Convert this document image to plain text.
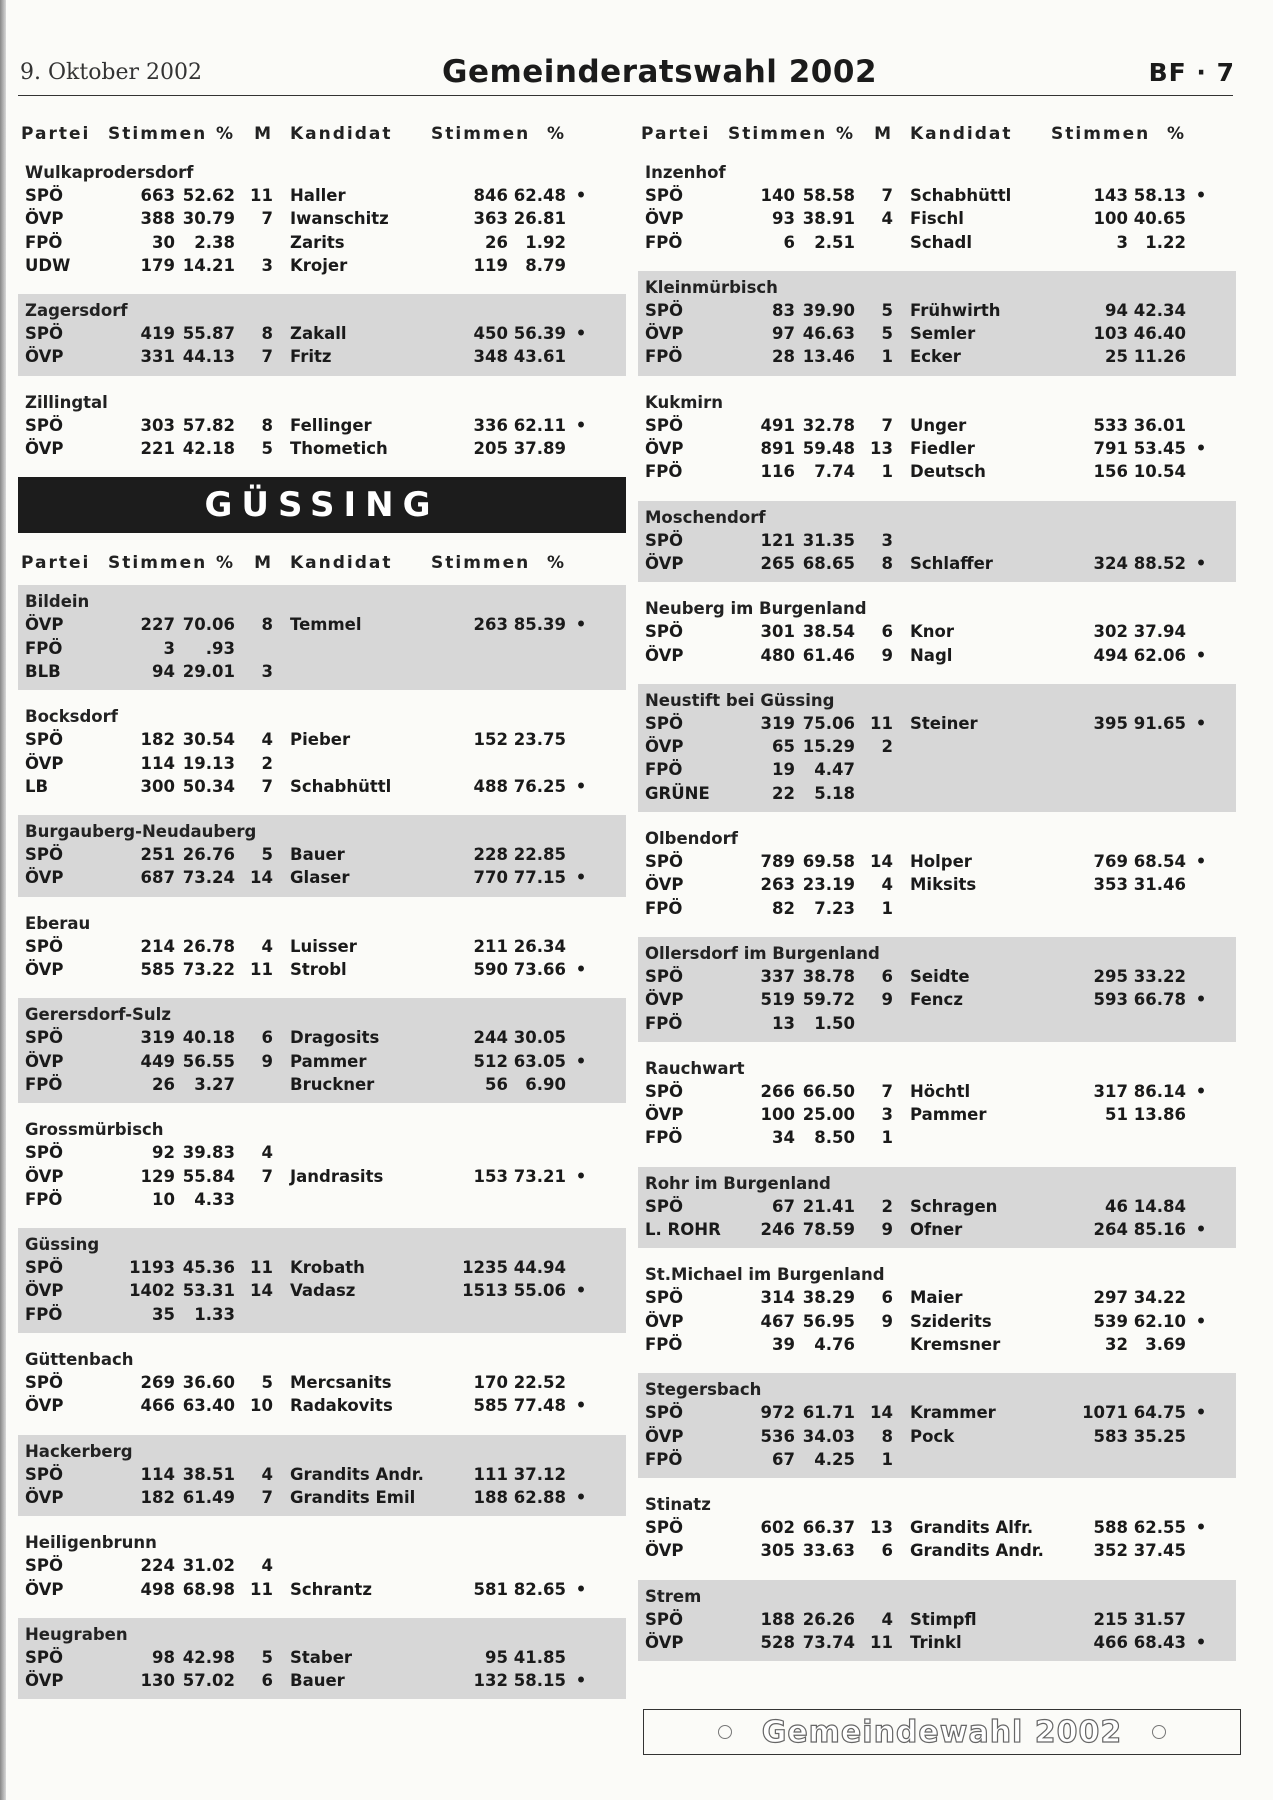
9. Oktober 2002	Gemeinderatswahl 2002	BF · 7
Partei	Stimmen %	M	Kandidat	Stimmen %
Wulkaprodersdorf
SPÖ	663 52.62 11	Haller	846 62.48 •
ÖVP	388 30.79	7	Iwanschitz	363 26.81
FPÖ	30	2.38	Zarits	26	1.92
UDW	179 14.21	3	Krojer	119	8.79
Zagersdorf
SPÖ	419 55.87	8	Zakall	450 56.39 •
ÖVP	331 44.13	7	Fritz	348 43.61
Zillingtal
SPÖ	303 57.82	8	Fellinger	336 62.11 •
ÖVP	221 42.18	5	Thometich	205 37.89
GÜSSING
Partei	Stimmen %	M	Kandidat	Stimmen %
Bildein
ÖVP	227 70.06	8	Temmel	263 85.39 •
FPÖ	3	.93
BLB	94 29.01	3
Bocksdorf
SPÖ	182 30.54	4	Pieber	152 23.75
ÖVP	114 19.13	2
LB	300 50.34	7	Schabhüttl	488 76.25 •
Burgauberg-Neudauberg
SPÖ	251 26.76	5	Bauer	228 22.85
ÖVP	687 73.24 14	Glaser	770 77.15 •
Eberau
SPÖ	214 26.78	4	Luisser	211 26.34
ÖVP	585 73.22 11	Strobl	590 73.66 •
Gerersdorf-Sulz
SPÖ	319 40.18	6	Dragosits	244 30.05
ÖVP	449 56.55	9	Pammer	512 63.05 •
FPÖ	26	3.27	Bruckner	56	6.90
Grossmürbisch
SPÖ	92 39.83	4
ÖVP	129 55.84	7	Jandrasits	153 73.21 •
FPÖ	10	4.33
Güssing
SPÖ	1193 45.36 11	Krobath	1235 44.94
ÖVP	1402 53.31 14	Vadasz	1513 55.06 •
FPÖ	35	1.33
Güttenbach
SPÖ	269 36.60	5	Mercsanits	170 22.52
ÖVP	466 63.40 10	Radakovits	585 77.48 •
Hackerberg
SPÖ	114 38.51	4	Grandits Andr.	111 37.12
ÖVP	182 61.49	7	Grandits Emil	188 62.88 •
Heiligenbrunn
SPÖ	224 31.02	4
ÖVP	498 68.98 11	Schrantz	581 82.65 •
Heugraben
SPÖ	98 42.98	5	Staber	95 41.85
ÖVP	130 57.02	6	Bauer	132 58.15 •
Partei	Stimmen %	M	Kandidat	Stimmen %
Inzenhof
SPÖ	140 58.58	7	Schabhüttl	143 58.13 •
ÖVP	93 38.91	4	Fischl	100 40.65
FPÖ	6	2.51	Schadl	3	1.22
Kleinmürbisch
SPÖ	83 39.90	5	Frühwirth	94 42.34
ÖVP	97 46.63	5	Semler	103 46.40
FPÖ	28 13.46	1	Ecker	25 11.26
Kukmirn
SPÖ	491 32.78	7	Unger	533 36.01
ÖVP	891 59.48 13	Fiedler	791 53.45 •
FPÖ	116	7.74	1	Deutsch	156 10.54
Moschendorf
SPÖ	121 31.35	3
ÖVP	265 68.65	8	Schlaffer	324 88.52 •
Neuberg im Burgenland
SPÖ	301 38.54	6	Knor	302 37.94
ÖVP	480 61.46	9	Nagl	494 62.06 •
Neustift bei Güssing
SPÖ	319 75.06 11	Steiner	395 91.65 •
ÖVP	65 15.29	2
FPÖ	19	4.47
GRÜNE	22	5.18
Olbendorf
SPÖ	789 69.58 14	Holper	769 68.54 •
ÖVP	263 23.19	4	Miksits	353 31.46
FPÖ	82	7.23	1
Ollersdorf im Burgenland
SPÖ	337 38.78	6	Seidte	295 33.22
ÖVP	519 59.72	9	Fencz	593 66.78 •
FPÖ	13	1.50
Rauchwart
SPÖ	266 66.50	7	Höchtl	317 86.14 •
ÖVP	100 25.00	3	Pammer	51 13.86
FPÖ	34	8.50	1
Rohr im Burgenland
SPÖ	67 21.41	2	Schragen	46 14.84
L. ROHR	246 78.59	9	Ofner	264 85.16 •
St.Michael im Burgenland
SPÖ	314 38.29	6	Maier	297 34.22
ÖVP	467 56.95	9	Sziderits	539 62.10 •
FPÖ	39	4.76	Kremsner	32	3.69
Stegersbach
SPÖ	972 61.71 14	Krammer	1071 64.75 •
ÖVP	536 34.03	8	Pock	583 35.25
FPÖ	67	4.25	1
Stinatz
SPÖ	602 66.37 13	Grandits Alfr.	588 62.55 •
ÖVP	305 33.63	6	Grandits Andr.	352 37.45
Strem
SPÖ	188 26.26	4	Stimpfl	215 31.57
ÖVP	528 73.74 11	Trinkl	466 68.43 •
Gemeindewahl 2002
